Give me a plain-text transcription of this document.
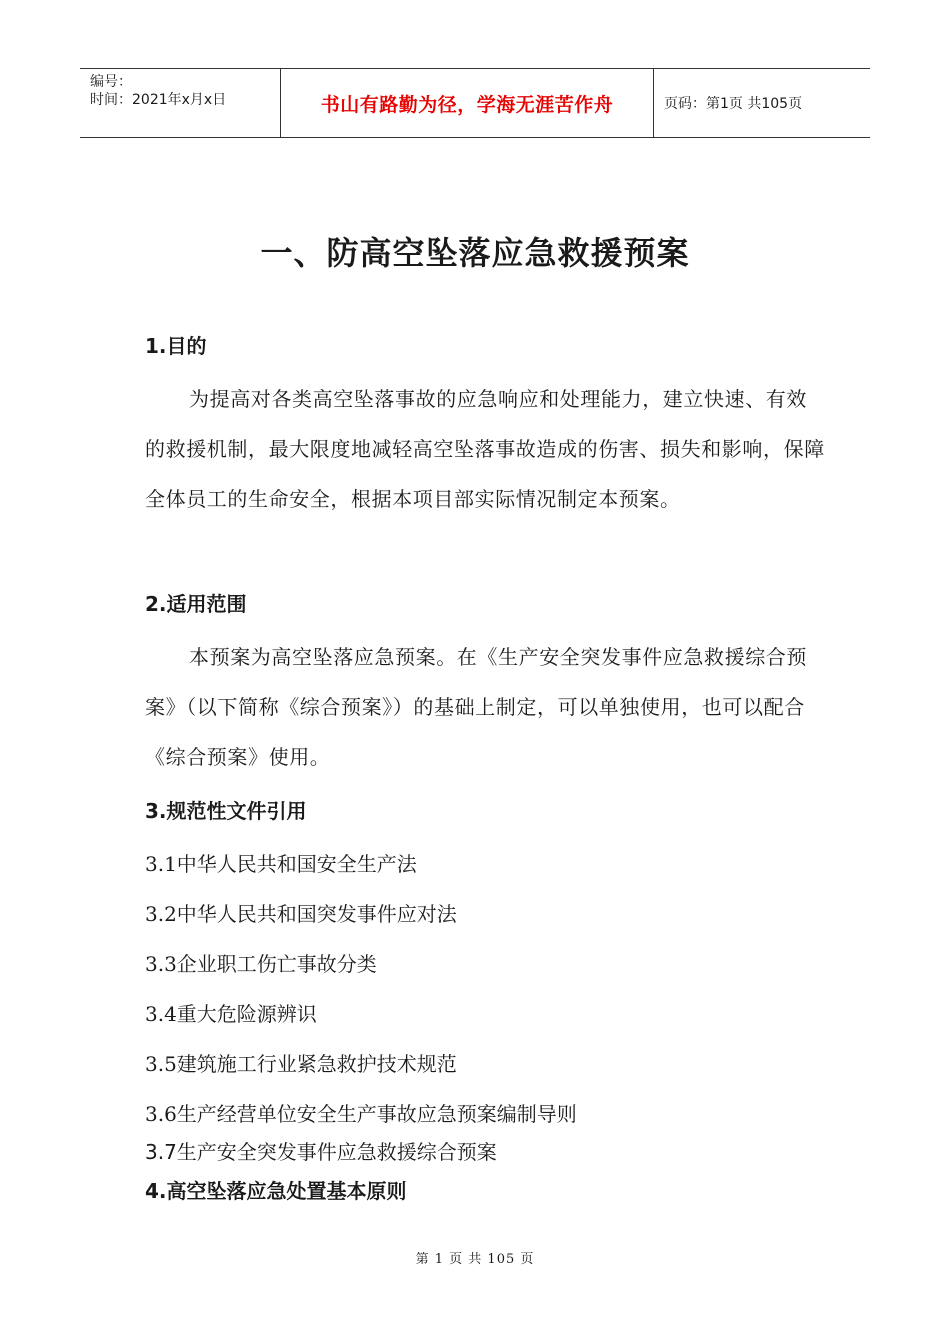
编号：
时间：2021年x月x日	书山有路勤为径，学海无涯苦作舟	页码：第1页 共105页
一、防高空坠落应急救援预案
1.目的
为提高对各类高空坠落事故的应急响应和处理能力，建立快速、有效的救援机制，最大限度地减轻高空坠落事故造成的伤害、损失和影响，保障全体员工的生命安全，根据本项目部实际情况制定本预案。
2.适用范围
本预案为高空坠落应急预案。在《生产安全突发事件应急救援综合预案》（以下简称《综合预案》）的基础上制定，可以单独使用，也可以配合《综合预案》使用。
3.规范性文件引用
3.1中华人民共和国安全生产法
3.2中华人民共和国突发事件应对法
3.3企业职工伤亡事故分类
3.4重大危险源辨识
3.5建筑施工行业紧急救护技术规范
3.6生产经营单位安全生产事故应急预案编制导则
3.7生产安全突发事件应急救援综合预案
4.高空坠落应急处置基本原则
第 1 页 共 105 页
